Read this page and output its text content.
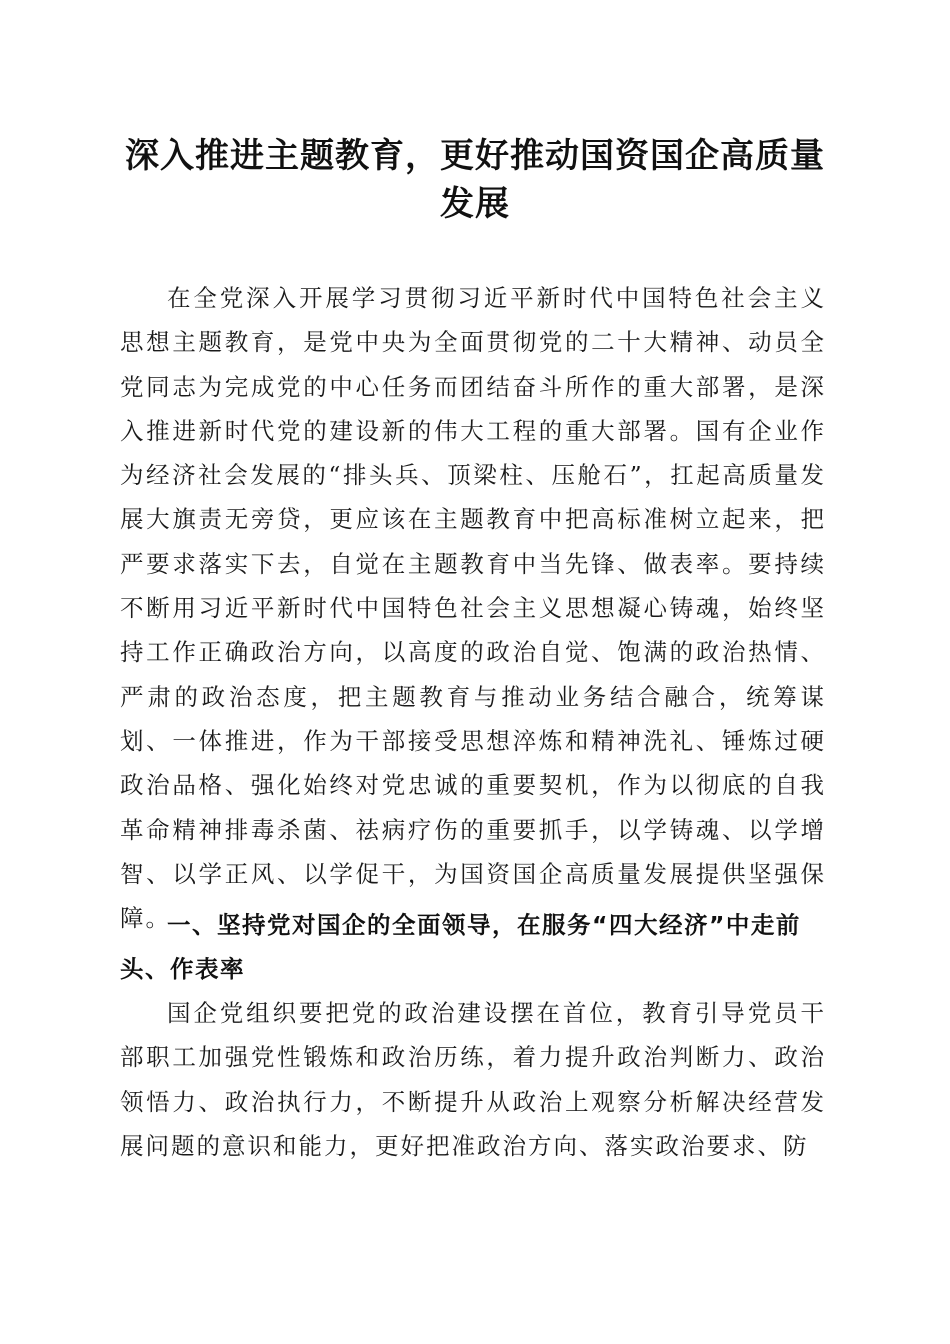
深入推进主题教育，更好推动国资国企高质量发展

在全党深入开展学习贯彻习近平新时代中国特色社会主义思想主题教育，是党中央为全面贯彻党的二十大精神、动员全党同志为完成党的中心任务而团结奋斗所作的重大部署，是深入推进新时代党的建设新的伟大工程的重大部署。国有企业作为经济社会发展的“排头兵、顶梁柱、压舱石”，扛起高质量发展大旗责无旁贷，更应该在主题教育中把高标准树立起来，把严要求落实下去，自觉在主题教育中当先锋、做表率。要持续不断用习近平新时代中国特色社会主义思想凝心铸魂，始终坚持工作正确政治方向，以高度的政治自觉、饱满的政治热情、严肃的政治态度，把主题教育与推动业务结合融合，统筹谋划、一体推进，作为干部接受思想淬炼和精神洗礼、锤炼过硬政治品格、强化始终对党忠诚的重要契机，作为以彻底的自我革命精神排毒杀菌、祛病疗伤的重要抓手，以学铸魂、以学增智、以学正风、以学促干，为国资国企高质量发展提供坚强保障。

一、坚持党对国企的全面领导，在服务“四大经济”中走前头、作表率

国企党组织要把党的政治建设摆在首位，教育引导党员干部职工加强党性锻炼和政治历练，着力提升政治判断力、政治领悟力、政治执行力，不断提升从政治上观察分析解决经营发展问题的意识和能力，更好把准政治方向、落实政治要求、防
